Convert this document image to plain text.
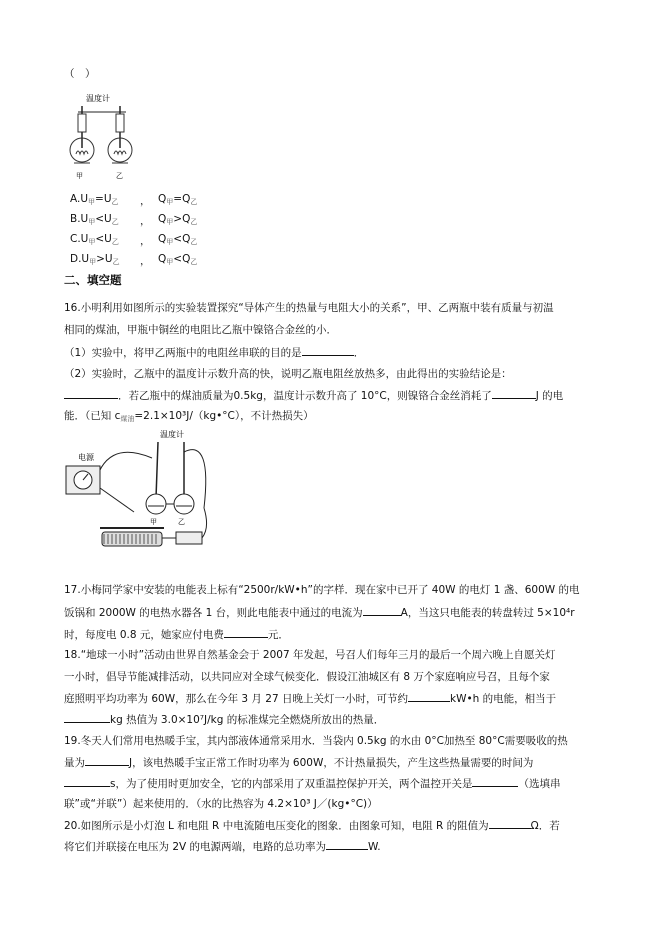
（　）
温度计
甲	乙
$A.U_甲=U_乙$ ， $Q_甲=Q_乙$
$B.U_甲<U_乙$ ， $Q_甲>Q_乙$
$C.U_甲<U_乙$ ， $Q_甲<Q_乙$
$D.U_甲>U_乙$ ， $Q_甲<Q_乙$
二、填空题
16.小明利用如图所示的实验装置探究“导体产生的热量与电阻大小的关系”，甲、乙两瓶中装有质量与初温
相同的煤油，甲瓶中铜丝的电阻比乙瓶中镍铬合金丝的小．
（1）实验中，将甲乙两瓶中的电阻丝串联的目的是	．
（2）实验时，乙瓶中的温度计示数升高的快，说明乙瓶电阻丝放热多，由此得出的实验结论是：
．若乙瓶中的煤油质量为0.5kg，温度计示数升高了 10°C，则镍铬合金丝消耗了	J 的电
能．（已知 $c_{煤油}=2.1\times 10^3J/(kg•^\circ C)$，不计热损失）
温度计
电源
甲	乙
17.小梅同学家中安装的电能表上标有“2500r/kW•h”的字样．现在家中已开了 40W 的电灯 1 盏、600W 的电
饭锅和 2000W 的电热水器各 1 台，则此电能表中通过的电流为	A，当这只电能表的转盘转过 5×10⁴r
时，每度电 0.8 元，她家应付电费	元．
18.“地球一小时”活动由世界自然基金会于 2007 年发起，号召人们每年三月的最后一个周六晚上自愿关灯
一小时，倡导节能减排活动，以共同应对全球气候变化．假设江油城区有 8 万个家庭响应号召，且每个家
庭照明平均功率为 60W，那么在今年 3 月 27 日晚上关灯一小时，可节约	kW•h 的电能，相当于
kg 热值为 3.0×10⁷J/kg 的标准煤完全燃烧所放出的热量．
19.冬天人们常用电热暖手宝，其内部液体通常采用水．当袋内 0.5kg 的水由 0°C加热至 80°C需要吸收的热
量为	J，该电热暖手宝正常工作时功率为 600W，不计热量损失，产生这些热量需要的时间为
s，为了使用时更加安全，它的内部采用了双重温控保护开关，两个温控开关是	（选填串
联”或“并联”）起来使用的．（水的比热容为 4.2×10³ J／(kg•°C)）
20.如图所示是小灯泡 L 和电阻 R 中电流随电压变化的图象．由图象可知，电阻 R 的阻值为	Ω．若
将它们并联接在电压为 2V 的电源两端，电路的总功率为	W.
